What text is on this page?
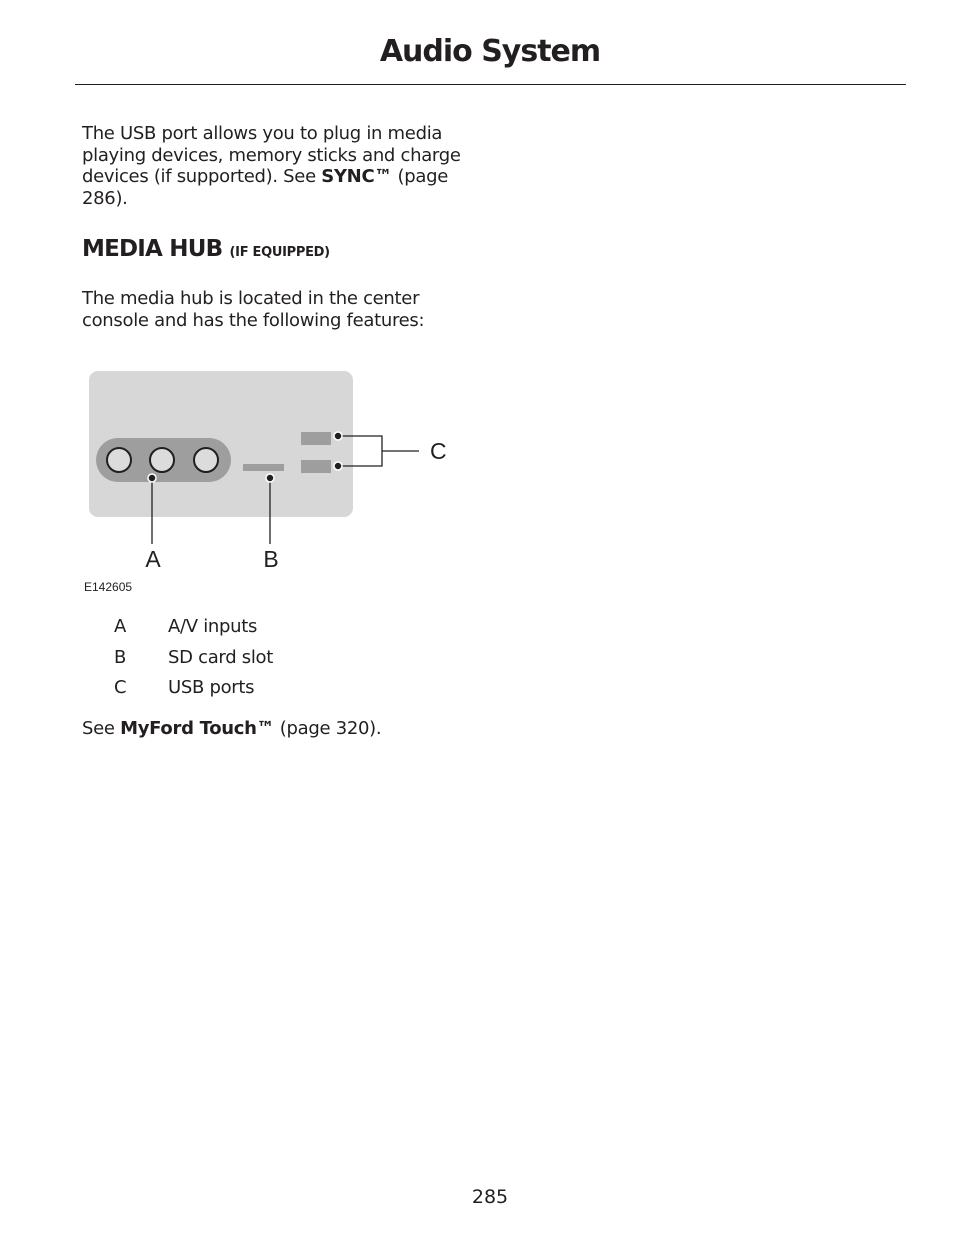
Audio System

The USB port allows you to plug in media playing devices, memory sticks and charge devices (if supported). See SYNC™ (page 286).

MEDIA HUB (IF EQUIPPED)

The media hub is located in the center console and has the following features:

A	B
C

E142605

A	A/V inputs
B	SD card slot
C	USB ports

See MyFord Touch™ (page 320).

285
